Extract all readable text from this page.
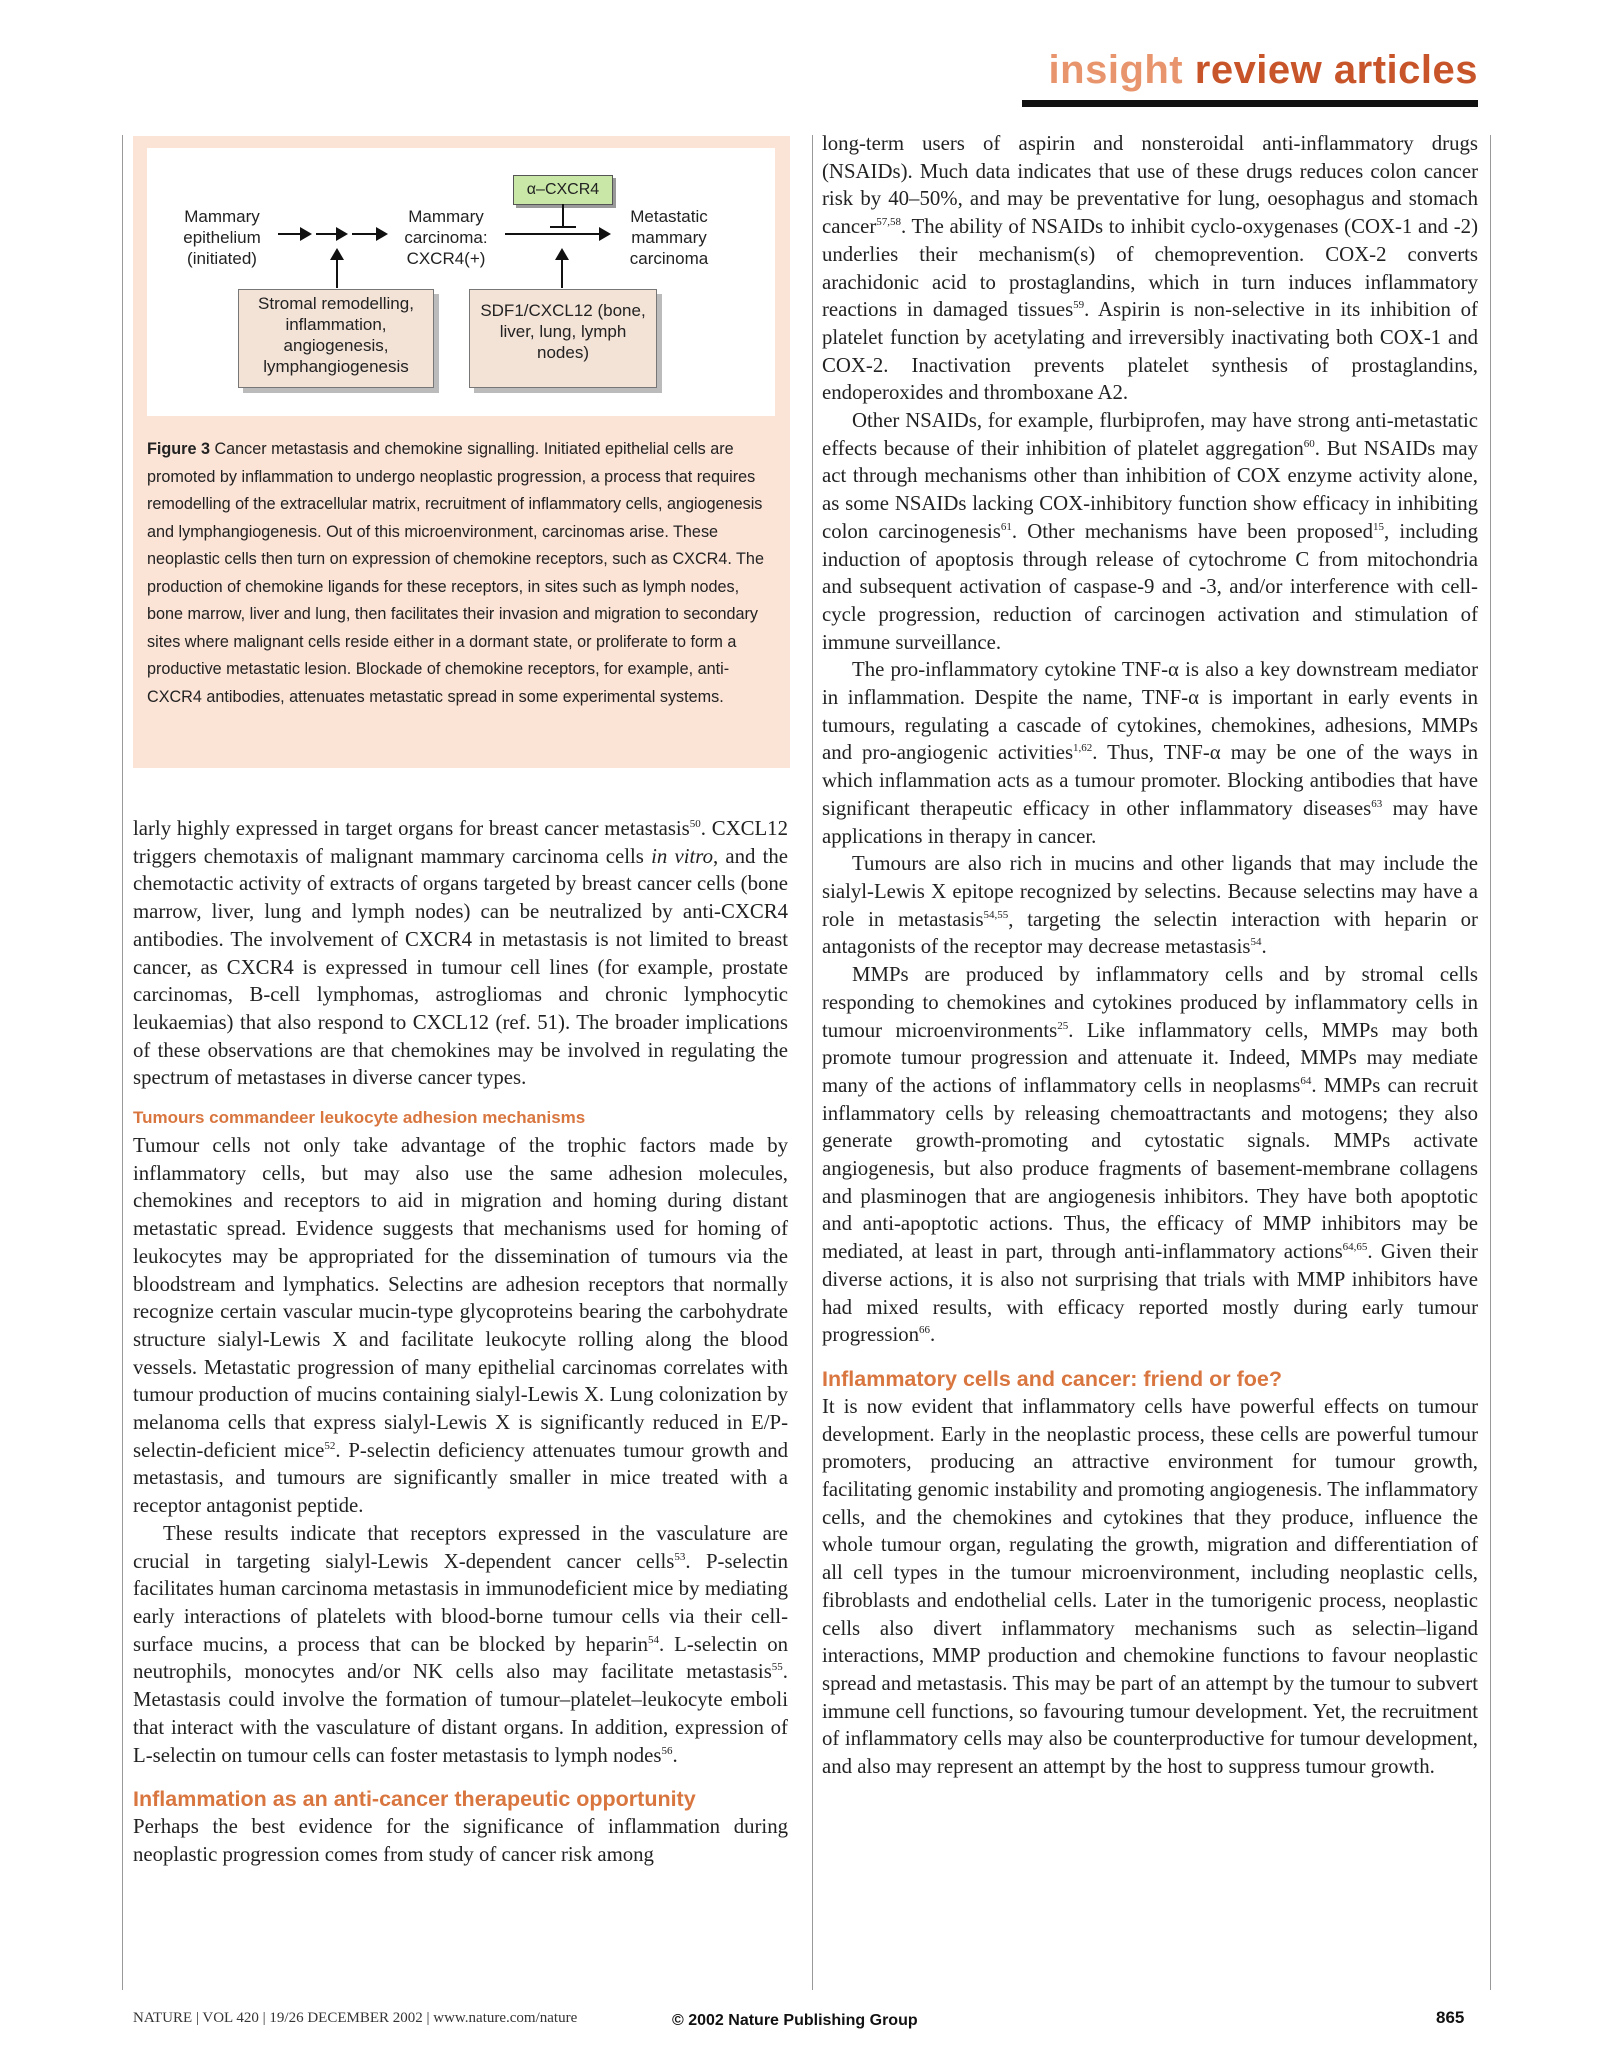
insight review articles
Mammary epithelium (initiated)
Mammary carcinoma: CXCR4(+)
Metastatic mammary carcinoma
α–CXCR4
Stromal remodelling, inflammation, angiogenesis, lymphangiogenesis
SDF1/CXCL12 (bone, liver, lung, lymph nodes)
Figure 3 Cancer metastasis and chemokine signalling. Initiated epithelial cells are promoted by inflammation to undergo neoplastic progression, a process that requires remodelling of the extracellular matrix, recruitment of inflammatory cells, angiogenesis and lymphangiogenesis. Out of this microenvironment, carcinomas arise. These neoplastic cells then turn on expression of chemokine receptors, such as CXCR4. The production of chemokine ligands for these receptors, in sites such as lymph nodes, bone marrow, liver and lung, then facilitates their invasion and migration to secondary sites where malignant cells reside either in a dormant state, or proliferate to form a productive metastatic lesion. Blockade of chemokine receptors, for example, anti-CXCR4 antibodies, attenuates metastatic spread in some experimental systems.

larly highly expressed in target organs for breast cancer metastasis$^{50}$. CXCL12 triggers chemotaxis of malignant mammary carcinoma cells in vitro, and the chemotactic activity of extracts of organs targeted by breast cancer cells (bone marrow, liver, lung and lymph nodes) can be neutralized by anti-CXCR4 antibodies. The involvement of CXCR4 in metastasis is not limited to breast cancer, as CXCR4 is expressed in tumour cell lines (for example, prostate carcinomas, B-cell lymphomas, astrogliomas and chronic lymphocytic leukaemias) that also respond to CXCL12 (ref. 51). The broader implications of these observations are that chemokines may be involved in regulating the spectrum of metastases in diverse cancer types.

Tumours commandeer leukocyte adhesion mechanisms

Tumour cells not only take advantage of the trophic factors made by inflammatory cells, but may also use the same adhesion molecules, chemokines and receptors to aid in migration and homing during distant metastatic spread. Evidence suggests that mechanisms used for homing of leukocytes may be appropriated for the dissemination of tumours via the bloodstream and lymphatics. Selectins are adhesion receptors that normally recognize certain vascular mucin-type glycoproteins bearing the carbohydrate structure sialyl-Lewis X and facilitate leukocyte rolling along the blood vessels. Metastatic progression of many epithelial carcinomas correlates with tumour production of mucins containing sialyl-Lewis X. Lung colonization by melanoma cells that express sialyl-Lewis X is significantly reduced in E/P-selectin-deficient mice$^{52}$. P-selectin deficiency attenuates tumour growth and metastasis, and tumours are significantly smaller in mice treated with a receptor antagonist peptide.

These results indicate that receptors expressed in the vasculature are crucial in targeting sialyl-Lewis X-dependent cancer cells$^{53}$. P-selectin facilitates human carcinoma metastasis in immunodeficient mice by mediating early interactions of platelets with blood-borne tumour cells via their cell-surface mucins, a process that can be blocked by heparin$^{54}$. L-selectin on neutrophils, monocytes and/or NK cells also may facilitate metastasis$^{55}$. Metastasis could involve the formation of tumour–platelet–leukocyte emboli that interact with the vasculature of distant organs. In addition, expression of L-selectin on tumour cells can foster metastasis to lymph nodes$^{56}$.

Inflammation as an anti-cancer therapeutic opportunity

Perhaps the best evidence for the significance of inflammation during neoplastic progression comes from study of cancer risk among

long-term users of aspirin and nonsteroidal anti-inflammatory drugs (NSAIDs). Much data indicates that use of these drugs reduces colon cancer risk by 40–50%, and may be preventative for lung, oesophagus and stomach cancer$^{57,58}$. The ability of NSAIDs to inhibit cyclo-oxygenases (COX-1 and -2) underlies their mechanism(s) of chemoprevention. COX-2 converts arachidonic acid to prostaglandins, which in turn induces inflammatory reactions in damaged tissues$^{59}$. Aspirin is non-selective in its inhibition of platelet function by acetylating and irreversibly inactivating both COX-1 and COX-2. Inactivation prevents platelet synthesis of prostaglandins, endoperoxides and thromboxane A2.

Other NSAIDs, for example, flurbiprofen, may have strong anti-metastatic effects because of their inhibition of platelet aggregation$^{60}$. But NSAIDs may act through mechanisms other than inhibition of COX enzyme activity alone, as some NSAIDs lacking COX-inhibitory function show efficacy in inhibiting colon carcinogenesis$^{61}$. Other mechanisms have been proposed$^{15}$, including induction of apoptosis through release of cytochrome C from mitochondria and subsequent activation of caspase-9 and -3, and/or interference with cell-cycle progression, reduction of carcinogen activation and stimulation of immune surveillance.

The pro-inflammatory cytokine TNF-α is also a key downstream mediator in inflammation. Despite the name, TNF-α is important in early events in tumours, regulating a cascade of cytokines, chemokines, adhesions, MMPs and pro-angiogenic activities$^{1,62}$. Thus, TNF-α may be one of the ways in which inflammation acts as a tumour promoter. Blocking antibodies that have significant therapeutic efficacy in other inflammatory diseases$^{63}$ may have applications in therapy in cancer.

Tumours are also rich in mucins and other ligands that may include the sialyl-Lewis X epitope recognized by selectins. Because selectins may have a role in metastasis$^{54,55}$, targeting the selectin interaction with heparin or antagonists of the receptor may decrease metastasis$^{54}$.

MMPs are produced by inflammatory cells and by stromal cells responding to chemokines and cytokines produced by inflammatory cells in tumour microenvironments$^{25}$. Like inflammatory cells, MMPs may both promote tumour progression and attenuate it. Indeed, MMPs may mediate many of the actions of inflammatory cells in neoplasms$^{64}$. MMPs can recruit inflammatory cells by releasing chemoattractants and motogens; they also generate growth-promoting and cytostatic signals. MMPs activate angiogenesis, but also produce fragments of basement-membrane collagens and plasminogen that are angiogenesis inhibitors. They have both apoptotic and anti-apoptotic actions. Thus, the efficacy of MMP inhibitors may be mediated, at least in part, through anti-inflammatory actions$^{64,65}$. Given their diverse actions, it is also not surprising that trials with MMP inhibitors have had mixed results, with efficacy reported mostly during early tumour progression$^{66}$.

Inflammatory cells and cancer: friend or foe?

It is now evident that inflammatory cells have powerful effects on tumour development. Early in the neoplastic process, these cells are powerful tumour promoters, producing an attractive environment for tumour growth, facilitating genomic instability and promoting angiogenesis. The inflammatory cells, and the chemokines and cytokines that they produce, influence the whole tumour organ, regulating the growth, migration and differentiation of all cell types in the tumour microenvironment, including neoplastic cells, fibroblasts and endothelial cells. Later in the tumorigenic process, neoplastic cells also divert inflammatory mechanisms such as selectin–ligand interactions, MMP production and chemokine functions to favour neoplastic spread and metastasis. This may be part of an attempt by the tumour to subvert immune cell functions, so favouring tumour development. Yet, the recruitment of inflammatory cells may also be counterproductive for tumour development, and also may represent an attempt by the host to suppress tumour growth.

NATURE | VOL 420 | 19/26 DECEMBER 2002 | www.nature.com/nature	© 2002 Nature Publishing Group	865
